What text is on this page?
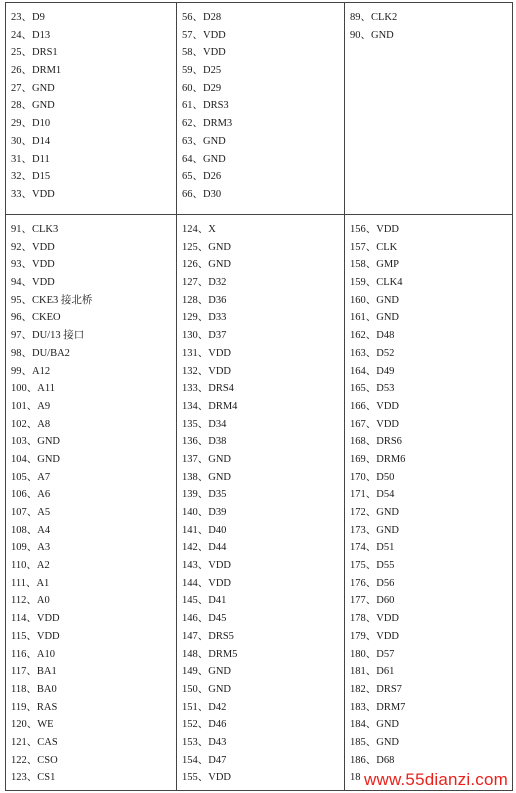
23、D9
24、D13
25、DRS1
26、DRM1
27、GND
28、GND
29、D10
30、D14
31、D11
32、D15
33、VDD
56、D28
57、VDD
58、VDD
59、D25
60、D29
61、DRS3
62、DRM3
63、GND
64、GND
65、D26
66、D30
89、CLK2
90、GND
91、CLK3
92、VDD
93、VDD
94、VDD
95、CKE3 接北桥
96、CKEO
97、DU/13 接口
98、DU/BA2
99、A12
100、A11
101、A9
102、A8
103、GND
104、GND
105、A7
106、A6
107、A5
108、A4
109、A3
110、A2
111、A1
112、A0
114、VDD
115、VDD
116、A10
117、BA1
118、BA0
119、RAS
120、WE
121、CAS
122、CSO
123、CS1
124、X
125、GND
126、GND
127、D32
128、D36
129、D33
130、D37
131、VDD
132、VDD
133、DRS4
134、DRM4
135、D34
136、D38
137、GND
138、GND
139、D35
140、D39
141、D40
142、D44
143、VDD
144、VDD
145、D41
146、D45
147、DRS5
148、DRM5
149、GND
150、GND
151、D42
152、D46
153、D43
154、D47
155、VDD
156、VDD
157、CLK
158、GMP
159、CLK4
160、GND
161、GND
162、D48
163、D52
164、D49
165、D53
166、VDD
167、VDD
168、DRS6
169、DRM6
170、D50
171、D54
172、GND
173、GND
174、D51
175、D55
176、D56
177、D60
178、VDD
179、VDD
180、D57
181、D61
182、DRS7
183、DRM7
184、GND
185、GND
186、D68
18 www.55dianzi.com
